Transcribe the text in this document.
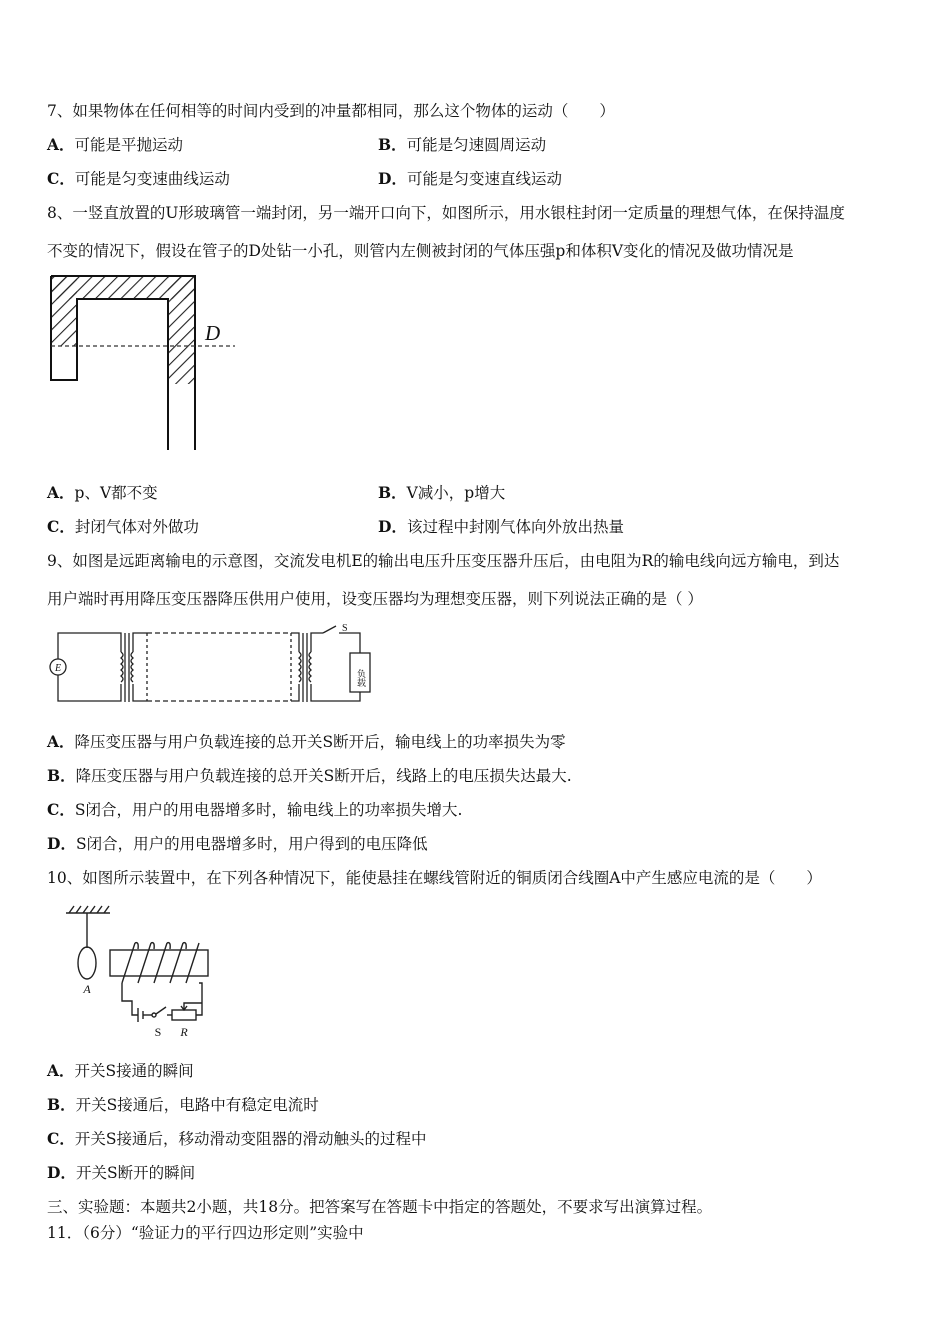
7、如果物体在任何相等的时间内受到的冲量都相同，那么这个物体的运动（　　）
A．可能是平抛运动	B．可能是匀速圆周运动
C．可能是匀变速曲线运动	D．可能是匀变速直线运动
8、一竖直放置的U形玻璃管一端封闭，另一端开口向下，如图所示，用水银柱封闭一定质量的理想气体，在保持温度
不变的情况下，假设在管子的D处钻一小孔，则管内左侧被封闭的气体压强p和体积V变化的情况及做功情况是
D
A．p、V都不变	B．V减小，p增大
C．封闭气体对外做功	D．该过程中封刚气体向外放出热量
9、如图是远距离输电的示意图，交流发电机E的输出电压升压变压器升压后，由电阻为R的输电线向远方输电，到达
用户端时再用降压变压器降压供用户使用，设变压器均为理想变压器，则下列说法正确的是（ ）
E
S
负载
A．降压变压器与用户负载连接的总开关S断开后，输电线上的功率损失为零
B．降压变压器与用户负载连接的总开关S断开后，线路上的电压损失达最大.
C．S闭合，用户的用电器增多时，输电线上的功率损失增大.
D．S闭合，用户的用电器增多时，用户得到的电压降低
10、如图所示装置中，在下列各种情况下，能使悬挂在螺线管附近的铜质闭合线圈A中产生感应电流的是（　　）
A
S R
A．开关S接通的瞬间
B．开关S接通后，电路中有稳定电流时
C．开关S接通后，移动滑动变阻器的滑动触头的过程中
D．开关S断开的瞬间
三、实验题：本题共2小题，共18分。把答案写在答题卡中指定的答题处，不要求写出演算过程。
11．（6分）“验证力的平行四边形定则”实验中
